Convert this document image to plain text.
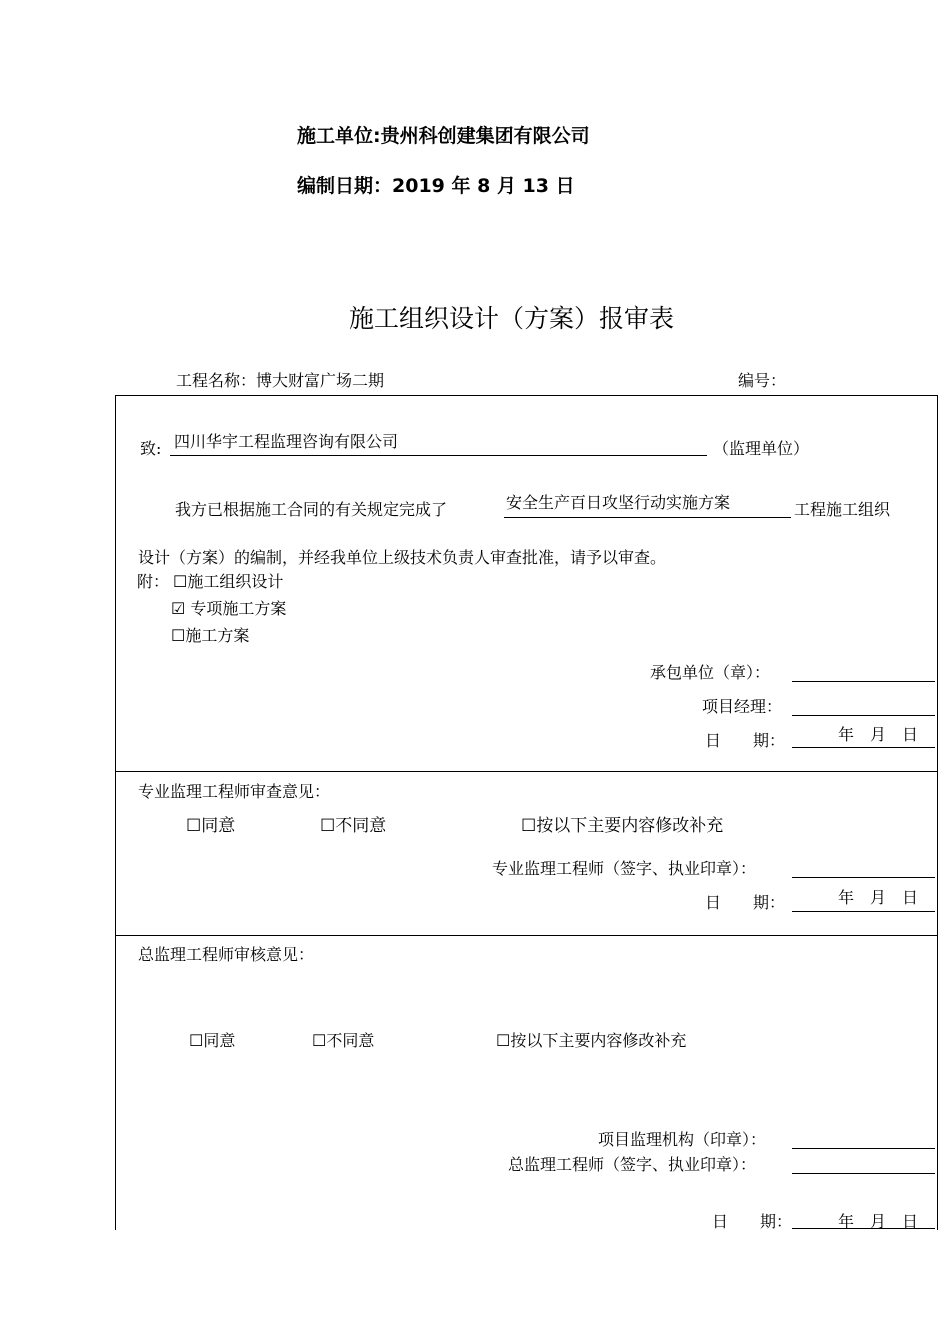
施工单位:贵州科创建集团有限公司
编制日期：2019 年 8 月 13 日
施工组织设计（方案）报审表
工程名称：博大财富广场二期	编号：
致: 四川华宇工程监理咨询有限公司	（监理单位）
我方已根据施工合同的有关规定完成了	安全生产百日攻坚行动实施方案	工程施工组织
设计（方案）的编制，并经我单位上级技术负责人审查批准，请予以审查。
附： ☐施工组织设计
☑ 专项施工方案
☐施工方案
承包单位（章）：
项目经理：
日　　期：	年　月　日
专业监理工程师审查意见：
☐同意	☐不同意	☐按以下主要内容修改补充
专业监理工程师（签字、执业印章）：
日　　期：	年　月　日
总监理工程师审核意见：
☐同意	☐不同意	☐按以下主要内容修改补充
项目监理机构（印章）：
总监理工程师（签字、执业印章）：
日　　期：	年　月　日
